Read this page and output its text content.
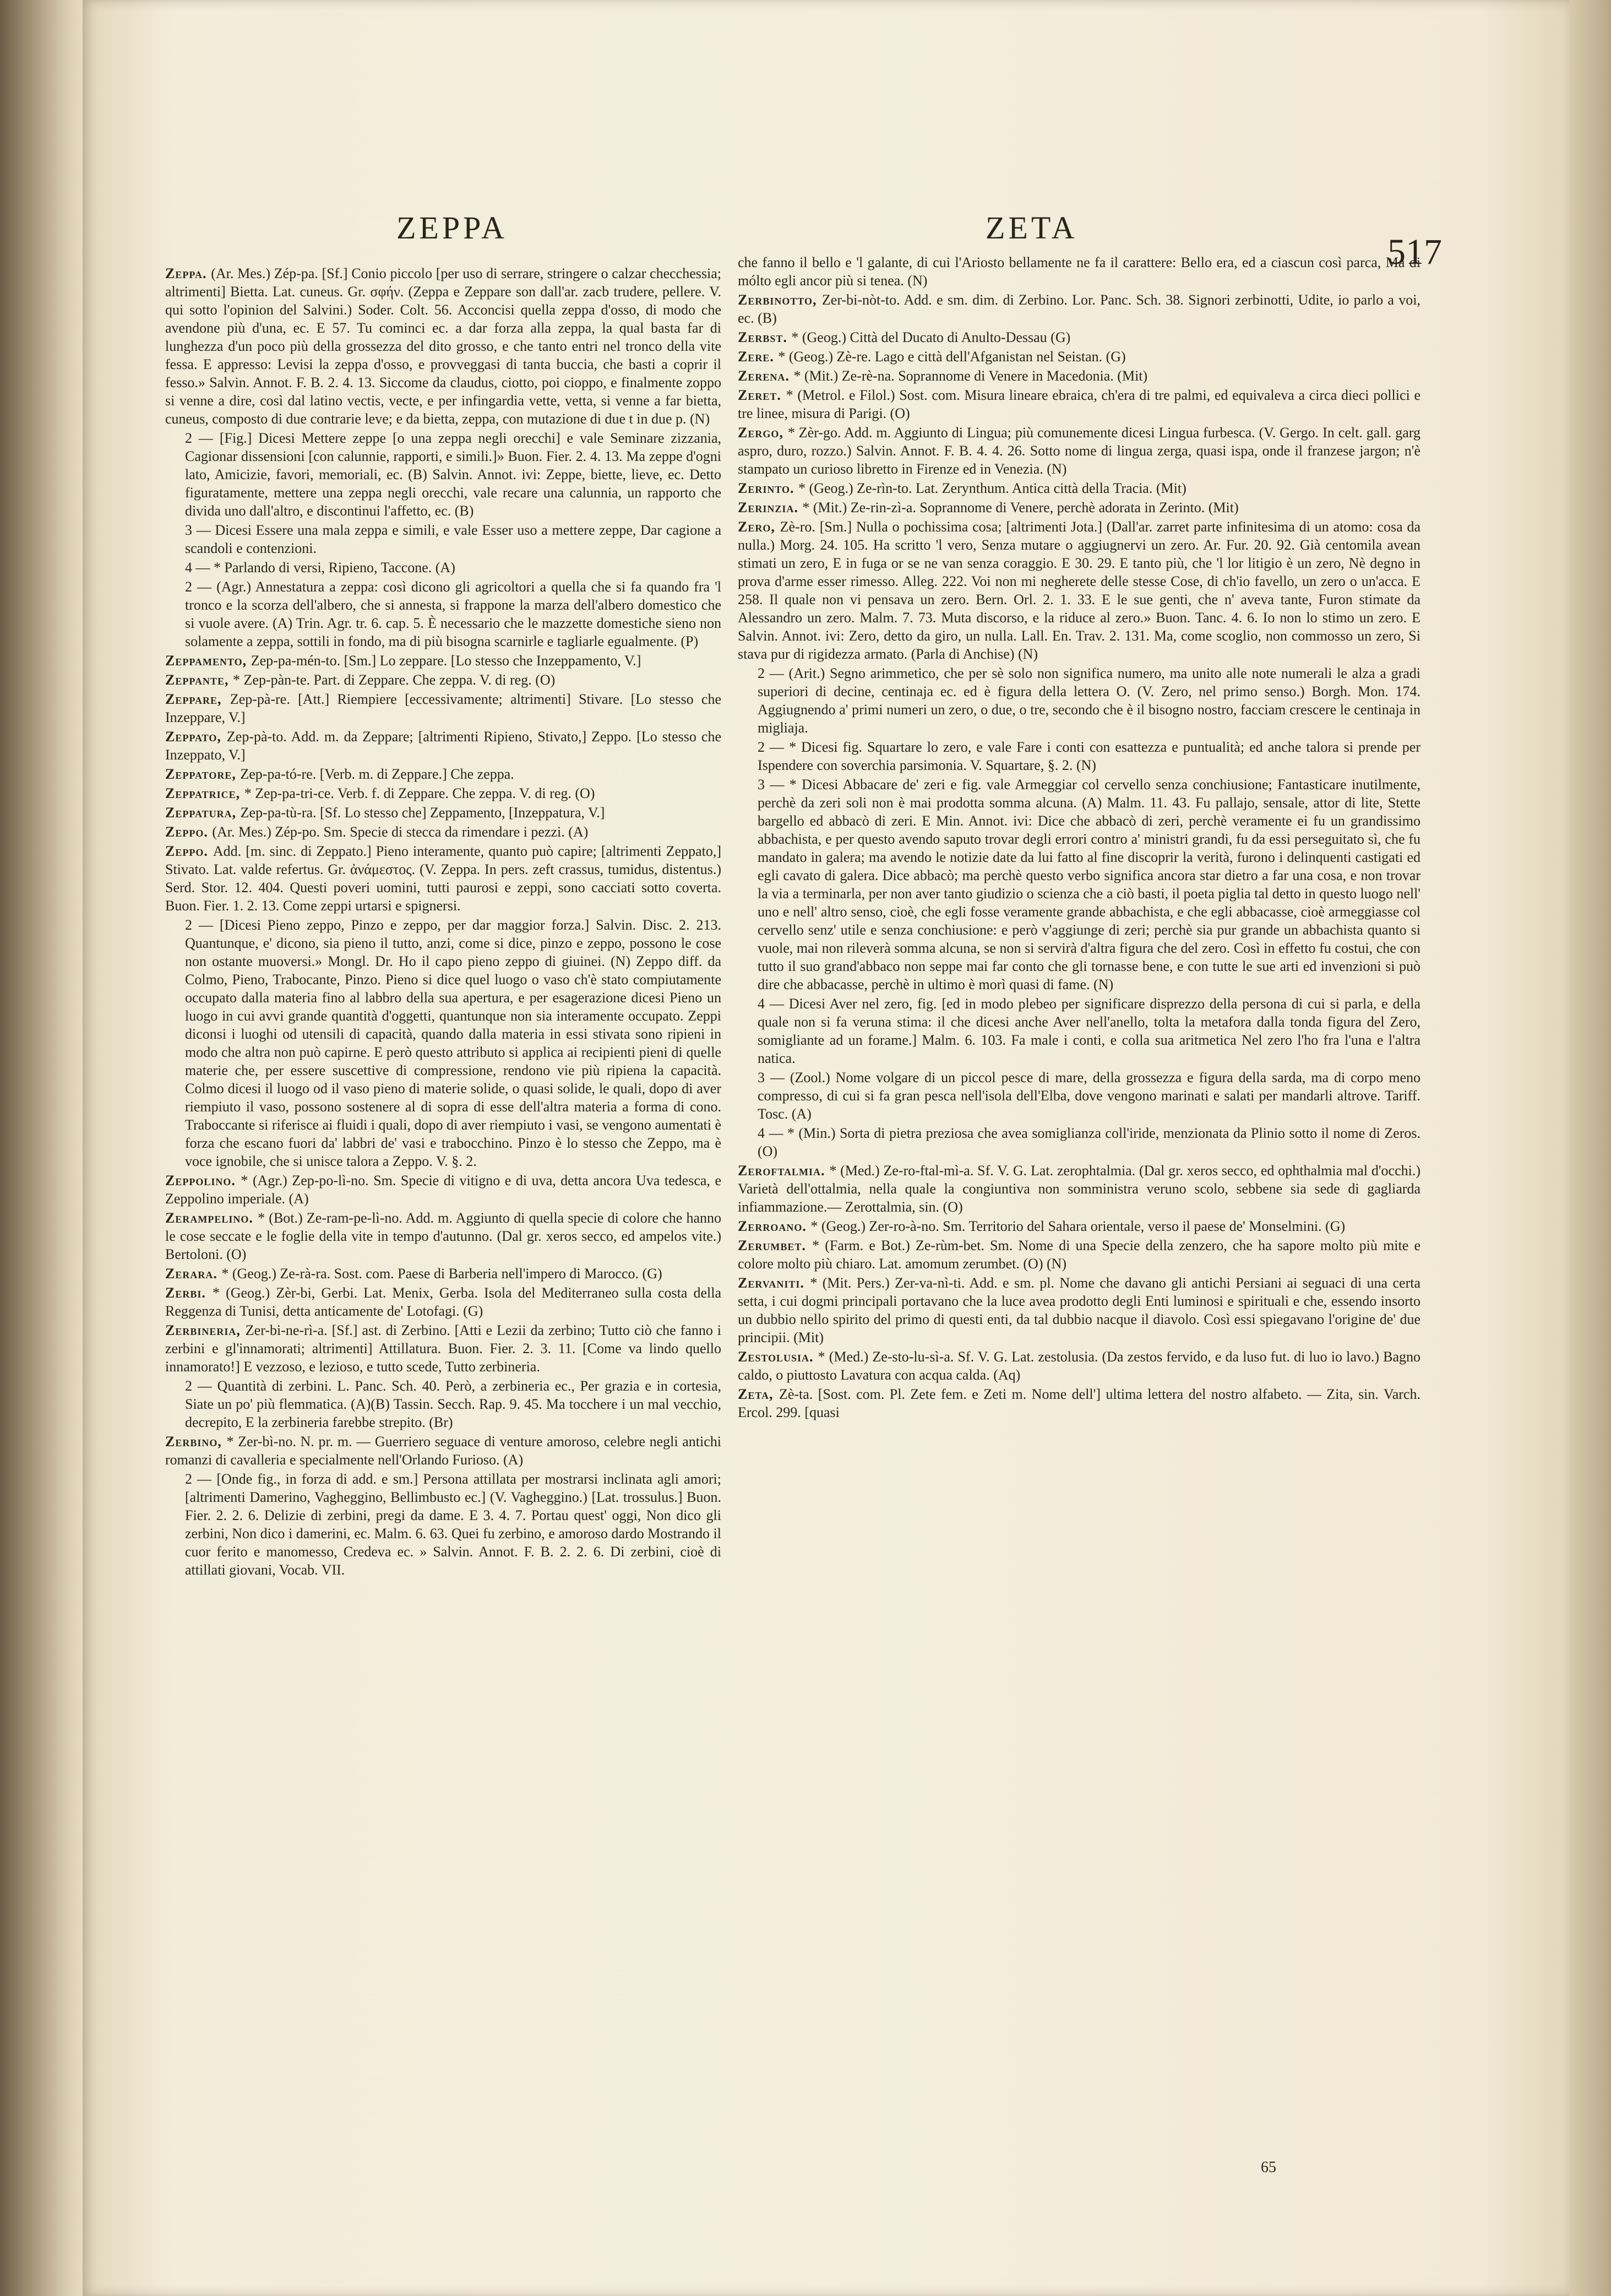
ZEPPA	ZETA
517
Zeppa. (Ar. Mes.) Zép-pa. [Sf.] Conio piccolo [per uso di serrare, stringere o calzar checchessia; altrimenti] Bietta. Lat. cuneus. Gr. σφήν. (Zeppa e Zeppare son dall'ar. zacb trudere, pellere. V. qui sotto l'opinion del Salvini.) Soder. Colt. 56. Acconcisi quella zeppa d'osso, di modo che avendone più d'una, ec. E 57. Tu cominci ec. a dar forza alla zeppa, la qual basta far di lunghezza d'un poco più della grossezza del dito grosso, e che tanto entri nel tronco della vite fessa. E appresso: Levisi la zeppa d'osso, e provveggasi di tanta buccia, che basti a coprir il fesso.» Salvin. Annot. F. B. 2. 4. 13. Siccome da claudus, ciotto, poi cioppo, e finalmente zoppo si venne a dire, così dal latino vectis, vecte, e per infingardia vette, vetta, si venne a far bietta, cuneus, composto di due contrarie leve; e da bietta, zeppa, con mutazione di due t in due p. (N)
2 — [Fig.] Dicesi Mettere zeppe [o una zeppa negli orecchi] e vale Seminare zizzania, Cagionar dissensioni [con calunnie, rapporti, e simili.]» Buon. Fier. 2. 4. 13. Ma zeppe d'ogni lato, Amicizie, favori, memoriali, ec. (B) Salvin. Annot. ivi: Zeppe, biette, lieve, ec. Detto figuratamente, mettere una zeppa negli orecchi, vale recare una calunnia, un rapporto che divida uno dall'altro, e discontinui l'affetto, ec. (B)
3 — Dicesi Essere una mala zeppa e simili, e vale Esser uso a mettere zeppe, Dar cagione a scandoli e contenzioni.
4 — * Parlando di versi, Ripieno, Taccone. (A)
2 — (Agr.) Annestatura a zeppa: così dicono gli agricoltori a quella che si fa quando fra 'l tronco e la scorza dell'albero, che si annesta, si frappone la marza dell'albero domestico che si vuole avere. (A) Trin. Agr. tr. 6. cap. 5. È necessario che le mazzette domestiche sieno non solamente a zeppa, sottili in fondo, ma di più bisogna scarnirle e tagliarle egualmente. (P)
Zeppamento, Zep-pa-mén-to. [Sm.] Lo zeppare. [Lo stesso che Inzeppamento, V.]
Zeppante, * Zep-pàn-te. Part. di Zeppare. Che zeppa. V. di reg. (O)
Zeppare, Zep-pà-re. [Att.] Riempiere [eccessivamente; altrimenti] Stivare. [Lo stesso che Inzeppare, V.]
Zeppato, Zep-pà-to. Add. m. da Zeppare; [altrimenti Ripieno, Stivato,] Zeppo. [Lo stesso che Inzeppato, V.]
Zeppatore, Zep-pa-tó-re. [Verb. m. di Zeppare.] Che zeppa.
Zeppatrice, * Zep-pa-tri-ce. Verb. f. di Zeppare. Che zeppa. V. di reg. (O)
Zeppatura, Zep-pa-tù-ra. [Sf. Lo stesso che] Zeppamento, [Inzeppatura, V.]
Zeppo. (Ar. Mes.) Zép-po. Sm. Specie di stecca da rimendare i pezzi. (A)
Zeppo. Add. [m. sinc. di Zeppato.] Pieno interamente, quanto può capire; [altrimenti Zeppato,] Stivato. Lat. valde refertus. Gr. ἀνάμεστος. (V. Zeppa. In pers. zeft crassus, tumidus, distentus.) Serd. Stor. 12. 404. Questi poveri uomini, tutti paurosi e zeppi, sono cacciati sotto coverta. Buon. Fier. 1. 2. 13. Come zeppi urtarsi e spignersi.
2 — [Dicesi Pieno zeppo, Pinzo e zeppo, per dar maggior forza.] Salvin. Disc. 2. 213. Quantunque, e' dicono, sia pieno il tutto, anzi, come si dice, pinzo e zeppo, possono le cose non ostante muoversi.» Mongl. Dr. Ho il capo pieno zeppo di giuinei. (N) Zeppo diff. da Colmo, Pieno, Trabocante, Pinzo. Pieno si dice quel luogo o vaso ch'è stato compiutamente occupato dalla materia fino al labbro della sua apertura, e per esagerazione dicesi Pieno un luogo in cui avvi grande quantità d'oggetti, quantunque non sia interamente occupato. Zeppi diconsi i luoghi od utensili di capacità, quando dalla materia in essi stivata sono ripieni in modo che altra non può capirne. E però questo attributo si applica ai recipienti pieni di quelle materie che, per essere suscettive di compressione, rendono vie più ripiena la capacità. Colmo dicesi il luogo od il vaso pieno di materie solide, o quasi solide, le quali, dopo di aver riempiuto il vaso, possono sostenere al di sopra di esse dell'altra materia a forma di cono. Traboccante si riferisce ai fluidi i quali, dopo di aver riempiuto i vasi, se vengono aumentati è forza che escano fuori da' labbri de' vasi e trabocchino. Pinzo è lo stesso che Zeppo, ma è voce ignobile, che si unisce talora a Zeppo. V. §. 2.
Zeppolino. * (Agr.) Zep-po-lì-no. Sm. Specie di vitigno e di uva, detta ancora Uva tedesca, e Zeppolino imperiale. (A)
Zerampelino. * (Bot.) Ze-ram-pe-lì-no. Add. m. Aggiunto di quella specie di colore che hanno le cose seccate e le foglie della vite in tempo d'autunno. (Dal gr. xeros secco, ed ampelos vite.) Bertoloni. (O)
Zerara. * (Geog.) Ze-rà-ra. Sost. com. Paese di Barberia nell'impero di Marocco. (G)
Zerbi. * (Geog.) Zèr-bi, Gerbi. Lat. Menix, Gerba. Isola del Mediterraneo sulla costa della Reggenza di Tunisi, detta anticamente de' Lotofagi. (G)
Zerbineria, Zer-bi-ne-rì-a. [Sf.] ast. di Zerbino. [Atti e Lezii da zerbino; Tutto ciò che fanno i zerbini e gl'innamorati; altrimenti] Attillatura. Buon. Fier. 2. 3. 11. [Come va lindo quello innamorato!] E vezzoso, e lezioso, e tutto scede, Tutto zerbineria.
2 — Quantità di zerbini. L. Panc. Sch. 40. Però, a zerbineria ec., Per grazia e in cortesia, Siate un po' più flemmatica. (A)(B) Tassin. Secch. Rap. 9. 45. Ma tocchere i un mal vecchio, decrepito, E la zerbineria farebbe strepito. (Br)
Zerbino, * Zer-bì-no. N. pr. m. — Guerriero seguace di venture amoroso, celebre negli antichi romanzi di cavalleria e specialmente nell'Orlando Furioso. (A)
2 — [Onde fig., in forza di add. e sm.] Persona attillata per mostrarsi inclinata agli amori; [altrimenti Damerino, Vagheggino, Bellimbusto ec.] (V. Vagheggino.) [Lat. trossulus.] Buon. Fier. 2. 2. 6. Delizie di zerbini, pregi da dame. E 3. 4. 7. Portau quest' oggi, Non dico gli zerbini, Non dico i damerini, ec. Malm. 6. 63. Quei fu zerbino, e amoroso dardo Mostrando il cuor ferito e manomesso, Credeva ec. » Salvin. Annot. F. B. 2. 2. 6. Di zerbini, cioè di attillati giovani, Vocab. VII.
che fanno il bello e 'l galante, di cui l'Ariosto bellamente ne fa il carattere: Bello era, ed a ciascun così parca, Ma di mólto egli ancor più si tenea. (N)
Zerbinotto, Zer-bi-nòt-to. Add. e sm. dim. di Zerbino. Lor. Panc. Sch. 38. Signori zerbinotti, Udite, io parlo a voi, ec. (B)
Zerbst. * (Geog.) Città del Ducato di Anulto-Dessau (G)
Zere. * (Geog.) Zè-re. Lago e città dell'Afganistan nel Seistan. (G)
Zerena. * (Mit.) Ze-rè-na. Soprannome di Venere in Macedonia. (Mit)
Zeret. * (Metrol. e Filol.) Sost. com. Misura lineare ebraica, ch'era di tre palmi, ed equivaleva a circa dieci pollici e tre linee, misura di Parigi. (O)
Zergo, * Zèr-go. Add. m. Aggiunto di Lingua; più comunemente dicesi Lingua furbesca. (V. Gergo. In celt. gall. garg aspro, duro, rozzo.) Salvin. Annot. F. B. 4. 4. 26. Sotto nome di lingua zerga, quasi ispa, onde il franzese jargon; n'è stampato un curioso libretto in Firenze ed in Venezia. (N)
Zerinto. * (Geog.) Ze-rìn-to. Lat. Zerynthum. Antica città della Tracia. (Mit)
Zerinzia. * (Mit.) Ze-rin-zì-a. Soprannome di Venere, perchè adorata in Zerinto. (Mit)
Zero, Zè-ro. [Sm.] Nulla o pochissima cosa; [altrimenti Jota.] (Dall'ar. zarret parte infinitesima di un atomo: cosa da nulla.) Morg. 24. 105. Ha scritto 'l vero, Senza mutare o aggiugnervi un zero. Ar. Fur. 20. 92. Già centomila avean stimati un zero, E in fuga or se ne van senza coraggio. E 30. 29. E tanto più, che 'l lor litigio è un zero, Nè degno in prova d'arme esser rimesso. Alleg. 222. Voi non mi negherete delle stesse Cose, di ch'io favello, un zero o un'acca. E 258. Il quale non vi pensava un zero. Bern. Orl. 2. 1. 33. E le sue genti, che n' aveva tante, Furon stimate da Alessandro un zero. Malm. 7. 73. Muta discorso, e la riduce al zero.» Buon. Tanc. 4. 6. Io non lo stimo un zero. E Salvin. Annot. ivi: Zero, detto da giro, un nulla. Lall. En. Trav. 2. 131. Ma, come scoglio, non commosso un zero, Si stava pur di rigidezza armato. (Parla di Anchise) (N)
2 — (Arit.) Segno arimmetico, che per sè solo non significa numero, ma unito alle note numerali le alza a gradi superiori di decine, centinaja ec. ed è figura della lettera O. (V. Zero, nel primo senso.) Borgh. Mon. 174. Aggiugnendo a' primi numeri un zero, o due, o tre, secondo che è il bisogno nostro, facciam crescere le centinaja in migliaja.
2 — * Dicesi fig. Squartare lo zero, e vale Fare i conti con esattezza e puntualità; ed anche talora si prende per Ispendere con soverchia parsimonia. V. Squartare, §. 2. (N)
3 — * Dicesi Abbacare de' zeri e fig. vale Armeggiar col cervello senza conchiusione; Fantasticare inutilmente, perchè da zeri soli non è mai prodotta somma alcuna. (A) Malm. 11. 43. Fu pallajo, sensale, attor di lite, Stette bargello ed abbacò di zeri. E Min. Annot. ivi: Dice che abbacò di zeri, perchè veramente ei fu un grandissimo abbachista, e per questo avendo saputo trovar degli errori contro a' ministri grandi, fu da essi perseguitato sì, che fu mandato in galera; ma avendo le notizie date da lui fatto al fine discoprir la verità, furono i delinquenti castigati ed egli cavato di galera. Dice abbacò; ma perchè questo verbo significa ancora star dietro a far una cosa, e non trovar la via a terminarla, per non aver tanto giudizio o scienza che a ciò basti, il poeta piglia tal detto in questo luogo nell' uno e nell' altro senso, cioè, che egli fosse veramente grande abbachista, e che egli abbacasse, cioè armeggiasse col cervello senz' utile e senza conchiusione: e però v'aggiunge di zeri; perchè sia pur grande un abbachista quanto si vuole, mai non rileverà somma alcuna, se non si servirà d'altra figura che del zero. Così in effetto fu costui, che con tutto il suo grand'abbaco non seppe mai far conto che gli tornasse bene, e con tutte le sue arti ed invenzioni si può dire che abbacasse, perchè in ultimo è morì quasi di fame. (N)
4 — Dicesi Aver nel zero, fig. [ed in modo plebeo per significare disprezzo della persona di cui si parla, e della quale non si fa veruna stima: il che dicesi anche Aver nell'anello, tolta la metafora dalla tonda figura del Zero, somigliante ad un forame.] Malm. 6. 103. Fa male i conti, e colla sua aritmetica Nel zero l'ho fra l'una e l'altra natica.
3 — (Zool.) Nome volgare di un piccol pesce di mare, della grossezza e figura della sarda, ma di corpo meno compresso, di cui si fa gran pesca nell'isola dell'Elba, dove vengono marinati e salati per mandarli altrove. Tariff. Tosc. (A)
4 — * (Min.) Sorta di pietra preziosa che avea somiglianza coll'iride, menzionata da Plinio sotto il nome di Zeros. (O)
Zeroftalmia. * (Med.) Ze-ro-ftal-mì-a. Sf. V. G. Lat. zerophtalmia. (Dal gr. xeros secco, ed ophthalmia mal d'occhi.) Varietà dell'ottalmia, nella quale la congiuntiva non somministra veruno scolo, sebbene sia sede di gagliarda infiammazione.— Zerottalmia, sin. (O)
Zerroano. * (Geog.) Zer-ro-à-no. Sm. Territorio del Sahara orientale, verso il paese de' Monselmini. (G)
Zerumbet. * (Farm. e Bot.) Ze-rùm-bet. Sm. Nome di una Specie della zenzero, che ha sapore molto più mite e colore molto più chiaro. Lat. amomum zerumbet. (O) (N)
Zervaniti. * (Mit. Pers.) Zer-va-nì-ti. Add. e sm. pl. Nome che davano gli antichi Persiani ai seguaci di una certa setta, i cui dogmi principali portavano che la luce avea prodotto degli Enti luminosi e spirituali e che, essendo insorto un dubbio nello spirito del primo di questi enti, da tal dubbio nacque il diavolo. Così essi spiegavano l'origine de' due principii. (Mit)
Zestolusia. * (Med.) Ze-sto-lu-sì-a. Sf. V. G. Lat. zestolusia. (Da zestos fervido, e da luso fut. di luo io lavo.) Bagno caldo, o piuttosto Lavatura con acqua calda. (Aq)
Zeta, Zè-ta. [Sost. com. Pl. Zete fem. e Zeti m. Nome dell'] ultima lettera del nostro alfabeto. — Zita, sin. Varch. Ercol. 299. [quasi
65
